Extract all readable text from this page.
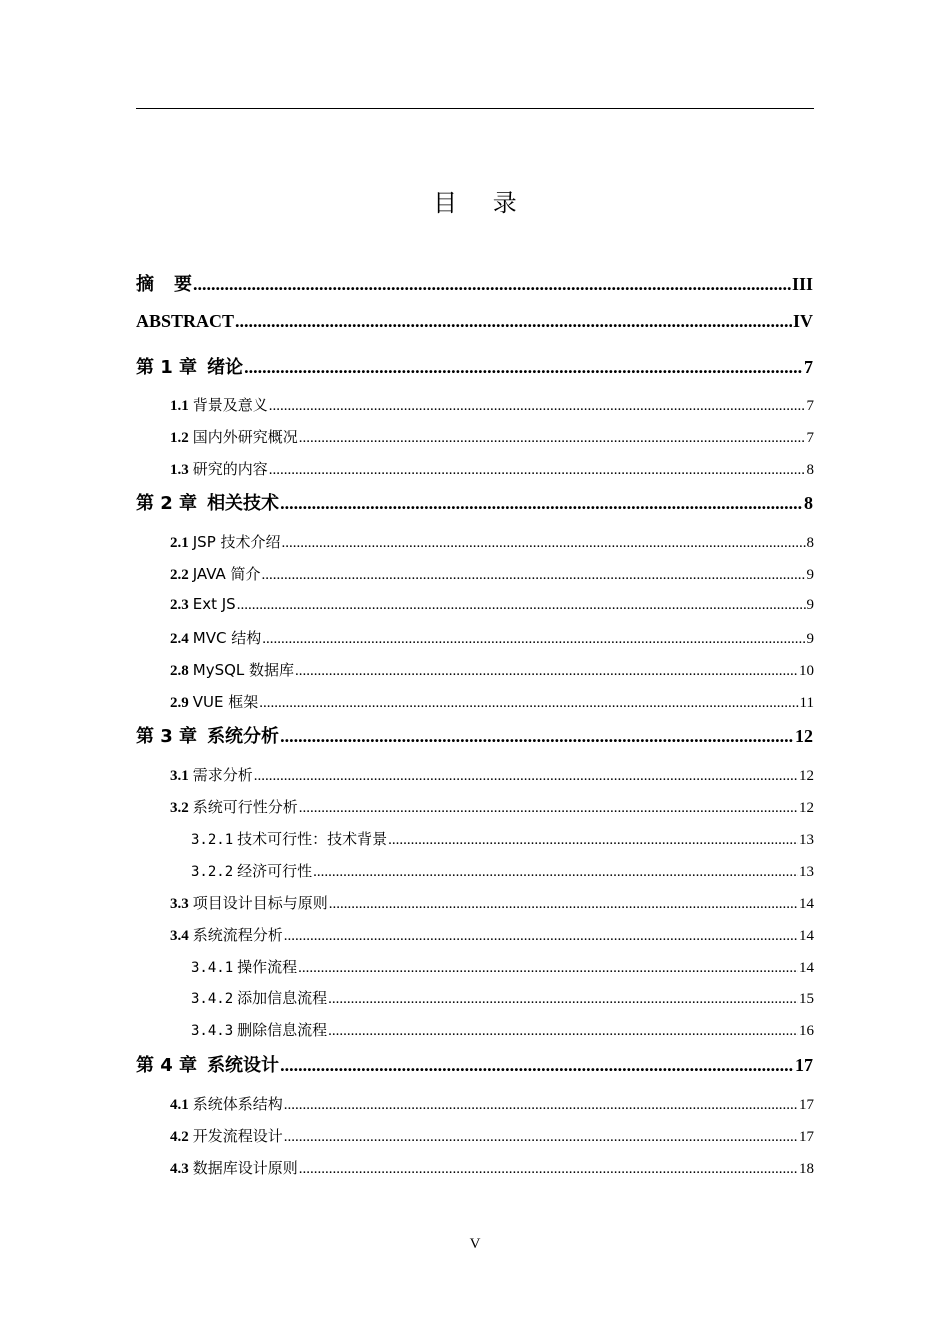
目 录
摘 要 .....	III
ABSTRACT .....	IV
第 1 章 绪论 .....	7
1.1 背景及意义 .....	7
1.2 国内外研究概况 .....	7
1.3 研究的内容 .....	8
第 2 章 相关技术 .....	8
2.1 JSP 技术介绍 .....	8
2.2 JAVA 简介 .....	9
2.3 Ext JS .....	9
2.4 MVC 结构 .....	9
2.8 MySQL 数据库 .....	10
2.9 VUE 框架 .....	11
第 3 章 系统分析 .....	12
3.1 需求分析 .....	12
3.2 系统可行性分析 .....	12
3.2.1 技术可行性：技术背景 .....	13
3.2.2 经济可行性 .....	13
3.3 项目设计目标与原则 .....	14
3.4 系统流程分析 .....	14
3.4.1 操作流程 .....	14
3.4.2 添加信息流程 .....	15
3.4.3 删除信息流程 .....	16
第 4 章 系统设计 .....	17
4.1 系统体系结构 .....	17
4.2 开发流程设计 .....	17
4.3 数据库设计原则 .....	18
V
